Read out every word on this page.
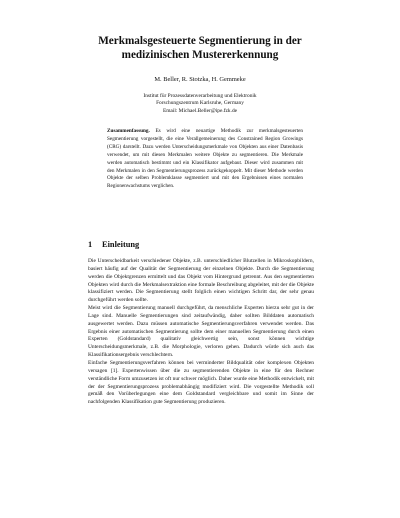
Merkmalsgesteuerte Segmentierung in der
medizinischen Mustererkennung
M. Beller, R. Stotzka, H. Gemmeke
Institut für Prozessdatenverarbeitung und Elektronik
Forschungszentrum Karlsruhe, Germany
Email: Michael.Beller@ipe.fzk.de
Zusammenfassung. Es wird eine neuartige Methodik zur merkmalsgesteuerten Segmentierung vorgestellt, die eine Verallgemeinerung des Constrained Region Growings (CRG) darstellt. Dazu werden Unterscheidungsmerkmale von Objekten aus einer Datenbasis verwendet, um mit diesen Merkmalen weitere Objekte zu segmentieren. Die Merkmale werden automatisch bestimmt und ein Klassifikator aufgebaut. Dieser wird zusammen mit den Merkmalen in den Segmentierungsprozess zurückgekoppelt. Mit dieser Methode werden Objekte der selben Problemklasse segmentiert und mit den Ergebnissen eines normalen Regionenwachstums verglichen.
1 Einleitung

Die Unterscheidbarkeit verschiedener Objekte, z.B. unterschiedlicher Blutzellen in Mikroskopbildern, basiert häufig auf der Qualität der Segmentierung der einzelnen Objekte. Durch die Segmentierung werden die Objektgrenzen ermittelt und das Objekt vom Hintergrund getrennt. Aus den segmentierten Objekten wird durch die Merkmalsextraktion eine formale Beschreibung abgeleitet, mit der die Objekte klassifiziert werden. Die Segmentierung stellt folglich einen wichtigen Schritt dar, der sehr genau durchgeführt werden sollte.

Meist wird die Segmentierung manuell durchgeführt, da menschliche Experten hierzu sehr gut in der Lage sind. Manuelle Segmentierungen sind zeitaufwändig, daher sollten Bilddaten automatisch ausgewertet werden. Dazu müssen automatische Segmentierungsverfahren verwendet werden. Das Ergebnis einer automatischen Segmentierung sollte dem einer manuellen Segmentierung durch einen Experten (Goldstandard) qualitativ gleichwertig sein, sonst können wichtige Unterscheidungsmerkmale, z.B. die Morphologie, verloren gehen. Dadurch würde sich auch das Klassifikationsergebnis verschlechtern.

Einfache Segmentierungsverfahren können bei verminderter Bildqualität oder komplexen Objekten versagen [1]. Expertenwissen über die zu segmentierenden Objekte in eine für den Rechner verständliche Form umzusetzen ist oft nur schwer möglich. Daher wurde eine Methodik entwickelt, mit der der Segmentierungsprozess problemabhängig modifiziert wird. Die vorgestellte Methodik soll gemäß den Vorüberlegungen eine dem Goldstandard vergleichbare und somit im Sinne der nachfolgenden Klassifikation gute Segmentierung produzieren.
